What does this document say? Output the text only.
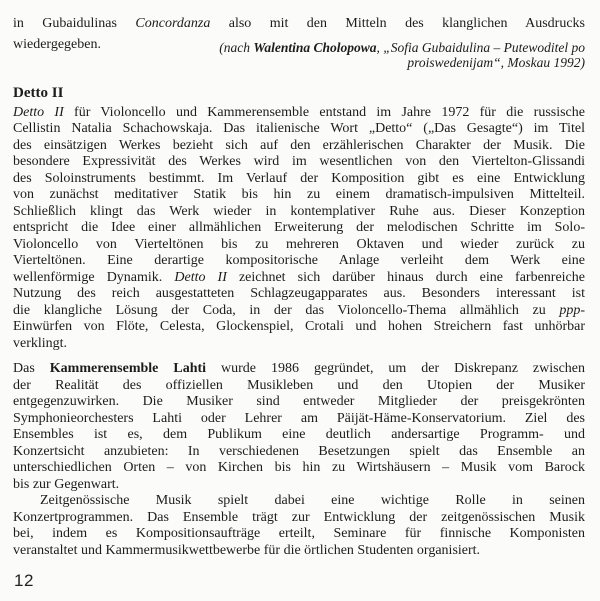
in Gubaidulinas Concordanza also mit den Mitteln des klanglichen Ausdrucks
wiedergegeben.	(nach Walentina Cholopowa, „Sofia Gubaidulina – Putewoditel po
proiswedenijam“, Moskau 1992)
Detto II
Detto II für Violoncello und Kammerensemble entstand im Jahre 1972 für die russische
Cellistin Natalia Schachowskaja. Das italienische Wort „Detto“ („Das Gesagte“) im Titel
des einsätzigen Werkes bezieht sich auf den erzählerischen Charakter der Musik. Die
besondere Expressivität des Werkes wird im wesentlichen von den Viertelton-Glissandi
des Soloinstruments bestimmt. Im Verlauf der Komposition gibt es eine Entwicklung
von zunächst meditativer Statik bis hin zu einem dramatisch-impulsiven Mittelteil.
Schließlich klingt das Werk wieder in kontemplativer Ruhe aus. Dieser Konzeption
entspricht die Idee einer allmählichen Erweiterung der melodischen Schritte im Solo-
Violoncello von Vierteltönen bis zu mehreren Oktaven und wieder zurück zu
Vierteltönen. Eine derartige kompositorische Anlage verleiht dem Werk eine
wellenförmige Dynamik. Detto II zeichnet sich darüber hinaus durch eine farbenreiche
Nutzung des reich ausgestatteten Schlagzeugapparates aus. Besonders interessant ist
die klangliche Lösung der Coda, in der das Violoncello-Thema allmählich zu ppp-
Einwürfen von Flöte, Celesta, Glockenspiel, Crotali und hohen Streichern fast unhörbar
verklingt.
Das Kammerensemble Lahti wurde 1986 gegründet, um der Diskrepanz zwischen
der Realität des offiziellen Musikleben und den Utopien der Musiker
entgegenzuwirken. Die Musiker sind entweder Mitglieder der preisgekrönten
Symphonieorchesters Lahti oder Lehrer am Päijät-Häme-Konservatorium. Ziel des
Ensembles ist es, dem Publikum eine deutlich andersartige Programm- und
Konzertsicht anzubieten: In verschiedenen Besetzungen spielt das Ensemble an
unterschiedlichen Orten – von Kirchen bis hin zu Wirtshäusern – Musik vom Barock
bis zur Gegenwart.
Zeitgenössische Musik spielt dabei eine wichtige Rolle in seinen
Konzertprogrammen. Das Ensemble trägt zur Entwicklung der zeitgenössischen Musik
bei, indem es Kompositionsaufträge erteilt, Seminare für finnische Komponisten
veranstaltet und Kammermusikwettbewerbe für die örtlichen Studenten organisiert.
12
